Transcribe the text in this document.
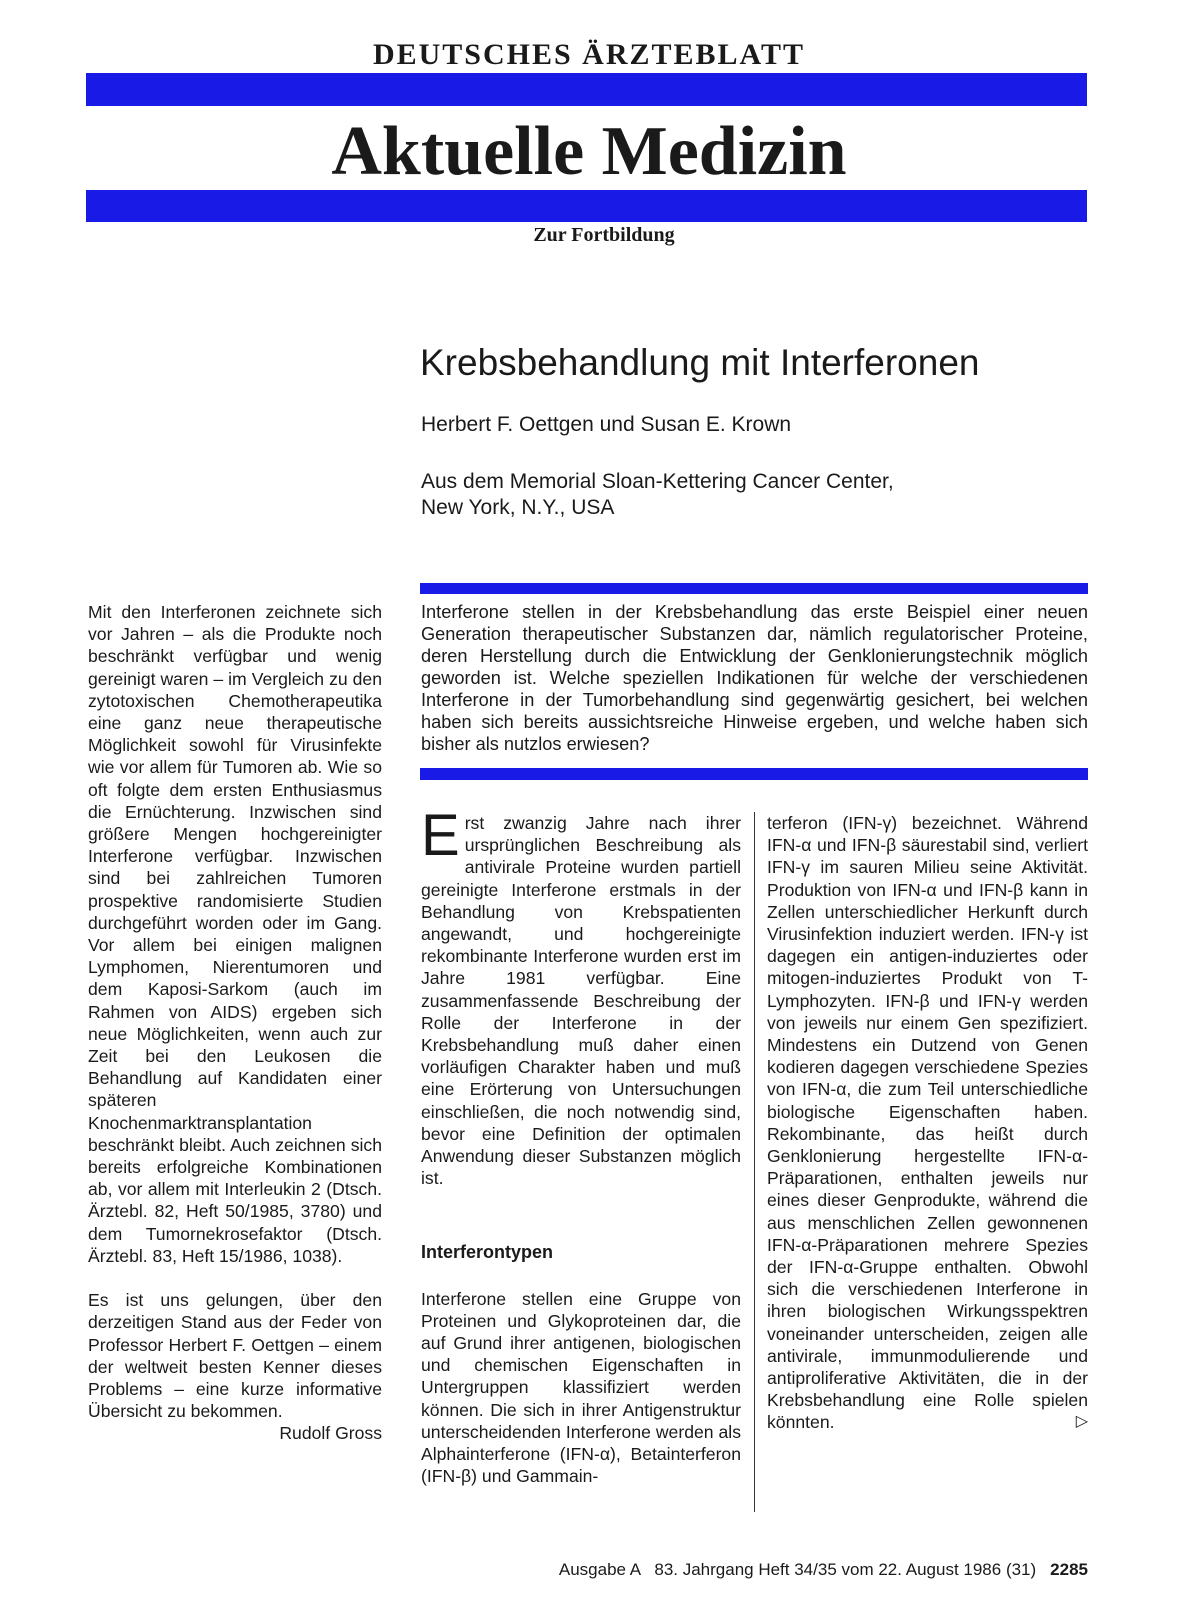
DEUTSCHES ÄRZTEBLATT
Aktuelle Medizin
Zur Fortbildung
Krebsbehandlung mit Interferonen
Herbert F. Oettgen und Susan E. Krown
Aus dem Memorial Sloan-Kettering Cancer Center,
New York, N.Y., USA

Mit den Interferonen zeichnete sich vor Jahren – als die Produkte noch beschränkt verfügbar und wenig gereinigt waren – im Vergleich zu den zytotoxischen Chemotherapeutika eine ganz neue therapeutische Möglichkeit sowohl für Virusinfekte wie vor allem für Tumoren ab. Wie so oft folgte dem ersten Enthusiasmus die Ernüchterung. Inzwischen sind größere Mengen hochgereinigter Interferone verfügbar. Inzwischen sind bei zahlreichen Tumoren prospektive randomisierte Studien durchgeführt worden oder im Gang. Vor allem bei einigen malignen Lymphomen, Nierentumoren und dem Kaposi-Sarkom (auch im Rahmen von AIDS) ergeben sich neue Möglichkeiten, wenn auch zur Zeit bei den Leukosen die Behandlung auf Kandidaten einer späteren Knochenmarktransplantation beschränkt bleibt. Auch zeichnen sich bereits erfolgreiche Kombinationen ab, vor allem mit Interleukin 2 (Dtsch. Ärztebl. 82, Heft 50/1985, 3780) und dem Tumornekrosefaktor (Dtsch. Ärztebl. 83, Heft 15/1986, 1038).

Es ist uns gelungen, über den derzeitigen Stand aus der Feder von Professor Herbert F. Oettgen – einem der weltweit besten Kenner dieses Problems – eine kurze informative Übersicht zu bekommen.
Rudolf Gross

Interferone stellen in der Krebsbehandlung das erste Beispiel einer neuen Generation therapeutischer Substanzen dar, nämlich regulatorischer Proteine, deren Herstellung durch die Entwicklung der Genklonierungstechnik möglich geworden ist. Welche speziellen Indikationen für welche der verschiedenen Interferone in der Tumorbehandlung sind gegenwärtig gesichert, bei welchen haben sich bereits aussichtsreiche Hinweise ergeben, und welche haben sich bisher als nutzlos erwiesen?

Erst zwanzig Jahre nach ihrer ursprünglichen Beschreibung als antivirale Proteine wurden partiell gereinigte Interferone erstmals in der Behandlung von Krebspatienten angewandt, und hochgereinigte rekombinante Interferone wurden erst im Jahre 1981 verfügbar. Eine zusammenfassende Beschreibung der Rolle der Interferone in der Krebsbehandlung muß daher einen vorläufigen Charakter haben und muß eine Erörterung von Untersuchungen einschließen, die noch notwendig sind, bevor eine Definition der optimalen Anwendung dieser Substanzen möglich ist.

Interferontypen

Interferone stellen eine Gruppe von Proteinen und Glykoproteinen dar, die auf Grund ihrer antigenen, biologischen und chemischen Eigenschaften in Untergruppen klassifiziert werden können. Die sich in ihrer Antigenstruktur unterscheidenden Interferone werden als Alphainterferone (IFN-α), Betainterferon (IFN-β) und Gammain-

terferon (IFN-γ) bezeichnet. Während IFN-α und IFN-β säurestabil sind, verliert IFN-γ im sauren Milieu seine Aktivität. Produktion von IFN-α und IFN-β kann in Zellen unterschiedlicher Herkunft durch Virusinfektion induziert werden. IFN-γ ist dagegen ein antigen-induziertes oder mitogen-induziertes Produkt von T-Lymphozyten. IFN-β und IFN-γ werden von jeweils nur einem Gen spezifiziert. Mindestens ein Dutzend von Genen kodieren dagegen verschiedene Spezies von IFN-α, die zum Teil unterschiedliche biologische Eigenschaften haben. Rekombinante, das heißt durch Genklonierung hergestellte IFN-α-Präparationen, enthalten jeweils nur eines dieser Genprodukte, während die aus menschlichen Zellen gewonnenen IFN-α-Präparationen mehrere Spezies der IFN-α-Gruppe enthalten. Obwohl sich die verschiedenen Interferone in ihren biologischen Wirkungsspektren voneinander unterscheiden, zeigen alle antivirale, immunmodulierende und antiproliferative Aktivitäten, die in der Krebsbehandlung eine Rolle spielen könnten.	▷

Ausgabe A   83. Jahrgang Heft 34/35 vom 22. August 1986 (31) 2285
